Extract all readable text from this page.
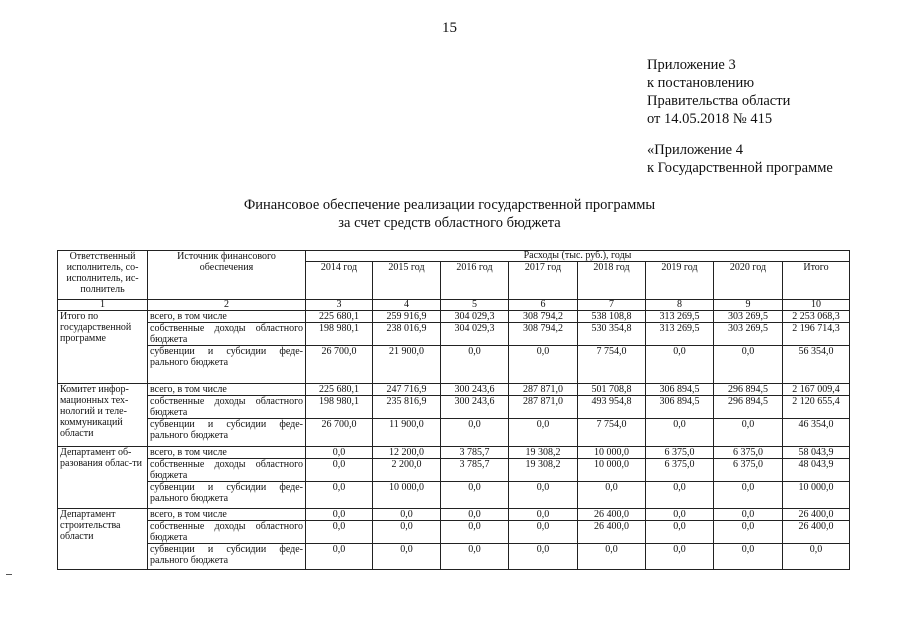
15
Приложение 3
к постановлению
Правительства области
от 14.05.2018 № 415
«Приложение 4
к Государственной программе
Финансовое обеспечение реализации государственной программы
за счет средств областного бюджета
Ответственный исполнитель, со-исполнитель, ис-полнитель	Источник финансового обеспечения	Расходы (тыс. руб.), годы							
		2014 год	2015 год	2016 год	2017 год	2018 год	2019 год	2020 год	Итого
1	2	3	4	5	6	7	8	9	10
Итого по государственной программе	всего, в том числе	225 680,1	259 916,9	304 029,3	308 794,2	538 108,8	313 269,5	303 269,5	2 253 068,3
	собственные доходы областного бюджета	198 980,1	238 016,9	304 029,3	308 794,2	530 354,8	313 269,5	303 269,5	2 196 714,3
	субвенции и субсидии феде-рального бюджета	26 700,0	21 900,0	0,0	0,0	7 754,0	0,0	0,0	56 354,0
Комитет инфор-мационных тех-нологий и теле-коммуникаций области	всего, в том числе	225 680,1	247 716,9	300 243,6	287 871,0	501 708,8	306 894,5	296 894,5	2 167 009,4
	собственные доходы областного бюджета	198 980,1	235 816,9	300 243,6	287 871,0	493 954,8	306 894,5	296 894,5	2 120 655,4
	субвенции и субсидии феде-рального бюджета	26 700,0	11 900,0	0,0	0,0	7 754,0	0,0	0,0	46 354,0
Департамент об-разования облас-ти	всего, в том числе	0,0	12 200,0	3 785,7	19 308,2	10 000,0	6 375,0	6 375,0	58 043,9
	собственные доходы областного бюджета	0,0	2 200,0	3 785,7	19 308,2	10 000,0	6 375,0	6 375,0	48 043,9
	субвенции и субсидии феде-рального бюджета	0,0	10 000,0	0,0	0,0	0,0	0,0	0,0	10 000,0
Департамент строительства области	всего, в том числе	0,0	0,0	0,0	0,0	26 400,0	0,0	0,0	26 400,0
	собственные доходы областного бюджета	0,0	0,0	0,0	0,0	26 400,0	0,0	0,0	26 400,0
	субвенции и субсидии феде-рального бюджета	0,0	0,0	0,0	0,0	0,0	0,0	0,0	0,0
